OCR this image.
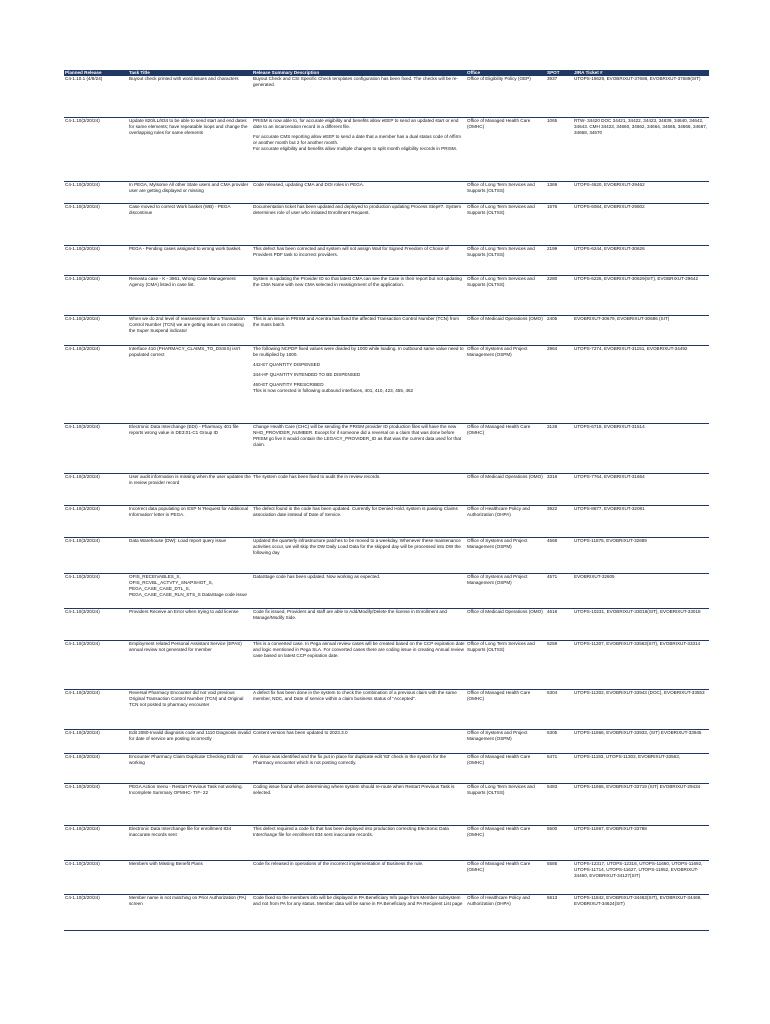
Planned Release	Task Title	Release Summary Description	Office	SPOT	JIRA Ticket #
C4-1.10.1 (4/8/24)	Buyout check printed with word issues and characters	Buyout Check and CSI Specific Check templates configuration has been fixed. The checks will be re-generated.	Office of Eligibility Policy (OEP)	3937	UTOPS-18629, EVOBRIXUT-37688, EVOBRIXUT-37689(SIT)
C4-1.10(3/20/24)	Update 820/LL/834 to be able to send start and end dates for same elements; have repeatable loops and change the overlapping rules for same elements	PRISM is now able to, for accurate eligibility and benefits allow eEEP to send an updated start or end date to an incarceration record in a different file.
For accurate CMS reporting allow eEEP to send a date that a member has a dual status code of Affirm or another month but 2 for another month.
For accurate eligibility and benefits allow multiple changes to split month eligibility records in PRISM.	Office of Managed Health Care (OMHC)	1065	RTW- 34420 DOC 34421, 34422, 34423, 34639, 34640, 34642, 34643. CMH 34423, 34660, 34662, 34664, 34665, 34666, 34667, 34668, 34670
C4-1.10(3/20/24)	In PEGA, Mylsome All other State users and CMA provider user are getting displayed or missing	Code released, updating CMA and DOI roles in PEGA.	Office of Long Term Services and Supports (OLTSS)	1369	UTOPS-4620, EVOBRIXUT-29462
C4-1.10(3/20/24)	Case moved to correct Work basket (WB) - PEGA discontinue	Documentation ticket has been updated and deployed to production updating Process Step#7. System determines role of user who initiated Enrollment Request.	Office of Long Term Services and Supports (OLTSS)	1576	UTOPS-6084, EVOBRIXUT-29802
C4-1.10(3/20/24)	PEGA - Pending cases assigned to wrong work basket.	This defect has been corrected and system will not assign Wait for Signed Freedom of Choice of Providers PDF task to incorrect providers.	Office of Long Term Services and Supports (OLTSS)	2199	UTOPS-6244, EVOBRIXUT-30626
C4-1.10(3/20/24)	Renewtu case - K - 3961, Wrong Case Management Agency (CMA) listed in case list.	System is updating the Provider ID so that latest CMA can see the Case in their report but not updating the CMA Name with new CMA selected in reassignment of the application.	Office of Long Term Services and Supports (OLTSS)	2280	UTOPS-6226, EVOBRIXUT-30629(SIT), EVOBRIXUT-29642
C4-1.10(3/20/24)	When we do 2nd level of reassessment for a Transaction Control Number (TCN) we are getting issues on creating the Super Suspend indicator	This is an issue in PRISM and Acentra has fixed the affected Transaction Control Number (TCN) from the mass batch.	Office of Medicaid Operations (OMO)	2405	EVOBRIXUT-30679, EVOBRIXUT-30686 (SIT)
C4-1.10(3/20/24)	Interface 410 (PHARMACY_CLAIMS_TO_DSSIS) isn't populated correct	The following NCPDP fixed values were divided by 1000 while loading. In outbound same value need to be multiplied by 1000.
442-E7 QUANTITY DISPENSED
344-HF QUANTITY INTENDED TO BE DISPENSED
460-ET QUANTITY PRESCRIBED
This is now corrected in following outbound interfaces, 401, 410, 423, 455, 462	Office of Systems and Project Management (OSPM)	2964	UTOPS-7274, EVOBRIXUT-31151, EVOBRIXUT-34492
C4-1.10(3/20/24)	Electronic Data Interchange (EDI) - Pharmacy 401 file reports wrong value in DE3:01-C1 Group ID	Change Health Care (CHC) will be sending the PRISM provider ID production files will have the new NHO_PROVIDER_NUMBER. Except for if someone did a reversal on a claim that was done before PRISM go live it would contain the LEGACY_PROVIDER_ID as that was the current data used for that claim.	Office of Managed Health Care (OMHC)	3128	UTOPS-6718, EVOBRIXUT-31514
C4-1.10(3/20/24)	User audit information is missing when the user updates the in review provider record	The system code has been fixed to audit the in review records.	Office of Medicaid Operations (OMO)	3316	UTOPS-7764, EVOBRIXUT-31664
C4-1.10(3/20/24)	Incorrect data populating on ESP N 'Request for Additional Information' letter in PEGA.	The defect found in the code has been updated. Currently for Denied Hold, system is passing Claims association date instead of Date of Service.	Office of Healthcare Policy and Authorization (OHPA)	3922	UTOPS-8877, EVOBRIXUT-32081
C4-1.10(3/20/24)	Data Warehouse (DW): Load report query issue	Updated the quarterly infrastructure patches to be moved to a weekday. Whenever these maintenance activities occur, we will skip the DW Daily Load Data for the skipped day will be processed into DW the following day	Office of Systems and Project Management (OSPM)	4568	UTOPS-11875, EVOBRIXUT-32689
C4-1.10(3/20/24)	OFIS_RECEIVABLES_S, OFIS_RCVBL_ACTVTY_SNAPSHOT_S, PEGA_CASE_CASE_DTL_S, PEGA_CASE_CASE_RLN_STS_S DataStage code issue	DataStage code has been updated. Now working as expected.	Office of Systems and Project Management (OSPM)	4571	EVOBRIXUT-32605
C4-1.10(3/20/24)	Providers Receive an Error when trying to add license	Code fix issued, Providers and staff are able to Add/Modify/Delete the license in Enrollment and Manage/Modify Side.	Office of Medicaid Operations (OMO)	4618	UTOPS-10231, EVOBRIXUT-33018(SIT), EVOBRIXUT-33018
C4-1.10(3/20/24)	Employment related Personal Assistant Service (EPAS) annual review not generated for member	This is a converted case. In Pega annual review cases will be created based on the CCP expiration date and logic mentioned in Pega SLA. For converted cases there are coding issue in creating Annual review case based on latest CCP expiration date.	Office of Long Term Services and Supports (OLTSS)	5259	UTOPS-11307, EVOBRIXUT-33563(SIT), EVOBRIXUT-33314
C4-1.10(3/20/24)	Reversal Pharmacy Encounter did not void previous Original Transaction Control Number (TCN) and Original TCN not posted to pharmacy encounter	A defect fix has been done in the system to check the combination of a previous claim with the same member, NDC, and Date of service within a claim business status of "Accepted".	Office of Managed Health Care (OMHC)	5304	UTOPS-11302, EVOBRIXUT-33943 (DOC), EVOBRIXUT-33553
C4-1.10(3/20/24)	Edit 2080-Invalid diagnosis code and 1110 Diagnosis invalid for date of service are posting incorrectly	Content version has been updated to 2023.3.0	Office of Systems and Project Management (OSPM)	5305	UTOPS-11666, EVOBRIXUT-33933, (SIT) EVOBRIXUT-33945
C4-1.10(3/20/24)	Encounter Pharmacy Claim Duplicate Checking Edit not working	An issue was identified and the fix put in place for duplicate edit '83' check in the system for the Pharmacy encounter which is not posting correctly.	Office of Managed Health Care (OMHC)	5471	UTOPS-11193, UTOPS-11302, EVOBRIXUT-33563,
C4-1.10(3/20/24)	PEGA Action menu - Restart Previous Task not working. Incomplete Summary OFMHC- TIF- 22	Coding issue found when determining where system should re-route when Restart Previous Task is selected.	Office of Long Term Services and Supports (OLTSS)	5483	UTOPS-11665, EVOBRIXUT-33719 (SIT) EVOBRIXUT-29434
C4-1.10(3/20/24)	Electronic Data Interchange file for enrollment 834 inaccurate records sent	This defect required a code fix that has been deployed into production correcting Electronic Data Interchange file for enrollment 834 sent inaccurate records.	Office of Managed Health Care (OMHC)	5500	UTOPS-11667, EVOBRIXUT-33788
C4-1.10(3/20/24)	Members with Missing Benefit Plans	Code fix released in operations of the incorrect implementation of Business the rule.	Office of Managed Health Care (OMHC)	5585	UTOPS-12317, UTOPS-12316, UTOPS-11660, UTOPS-11692, UTOPS-11714, UTOPS-11627, UTOPS-11952, EVOBRIXUT-34460, EVOBRIXUT-34127(SIT)
C4-1.10(3/20/24)	Member name is not matching on Prior Authorization (PA) screen	Code fixed so the members info will be displayed in PA Beneficiary Info page from Member subsystem and not from PA for any status. Member data will be same in PA Beneficiary and PA Recipient List page	Office of Healthcare Policy and Authorization (OHPA)	5613	UTOPS-11842, EVOBRIXUT-34463(SIT), EVOBRIXUT-34469, EVOBRIXUT-34624(SIT)
